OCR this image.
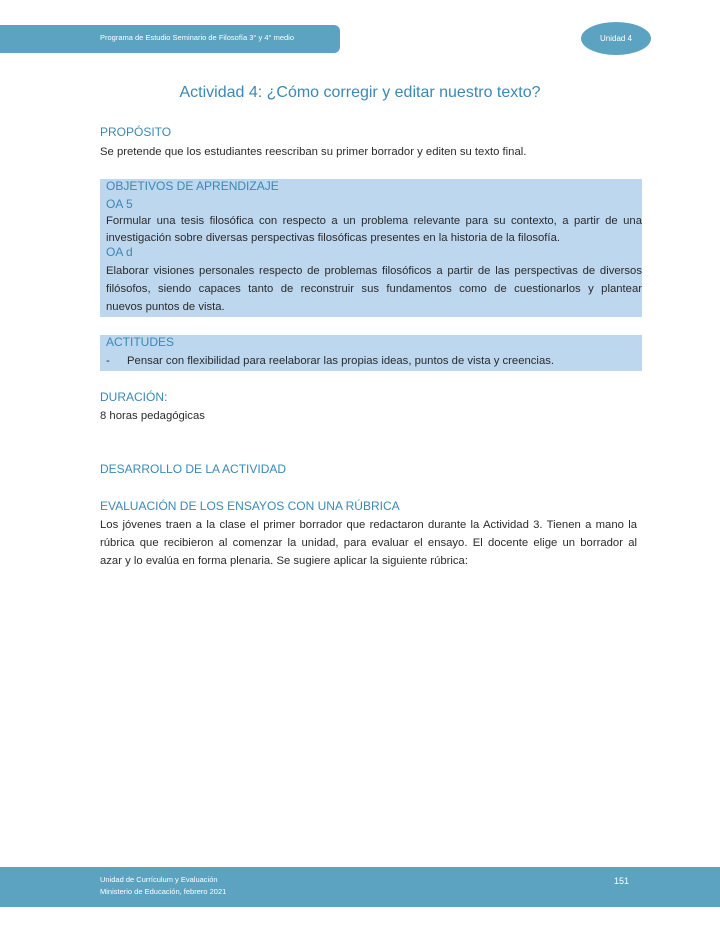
Programa de Estudio Seminario de Filosofía 3° y 4° medio	Unidad 4
Actividad 4: ¿Cómo corregir y editar nuestro texto?
PROPÓSITO
Se pretende que los estudiantes reescriban su primer borrador y editen su texto final.
OBJETIVOS DE APRENDIZAJE
OA 5
Formular una tesis filosófica con respecto a un problema relevante para su contexto, a partir de una
investigación sobre diversas perspectivas filosóficas presentes en la historia de la filosofía.
OA d
Elaborar visiones personales respecto de problemas filosóficos a partir de las perspectivas de diversos
filósofos, siendo capaces tanto de reconstruir sus fundamentos como de cuestionarlos y plantear
nuevos puntos de vista.
ACTITUDES
- Pensar con flexibilidad para reelaborar las propias ideas, puntos de vista y creencias.
DURACIÓN:
8 horas pedagógicas
DESARROLLO DE LA ACTIVIDAD
EVALUACIÓN DE LOS ENSAYOS CON UNA RÚBRICA
Los jóvenes traen a la clase el primer borrador que redactaron durante la Actividad 3. Tienen a mano la
rúbrica que recibieron al comenzar la unidad, para evaluar el ensayo. El docente elige un borrador al
azar y lo evalúa en forma plenaria. Se sugiere aplicar la siguiente rúbrica:
Unidad de Currículum y Evaluación
Ministerio de Educación, febrero 2021
151
